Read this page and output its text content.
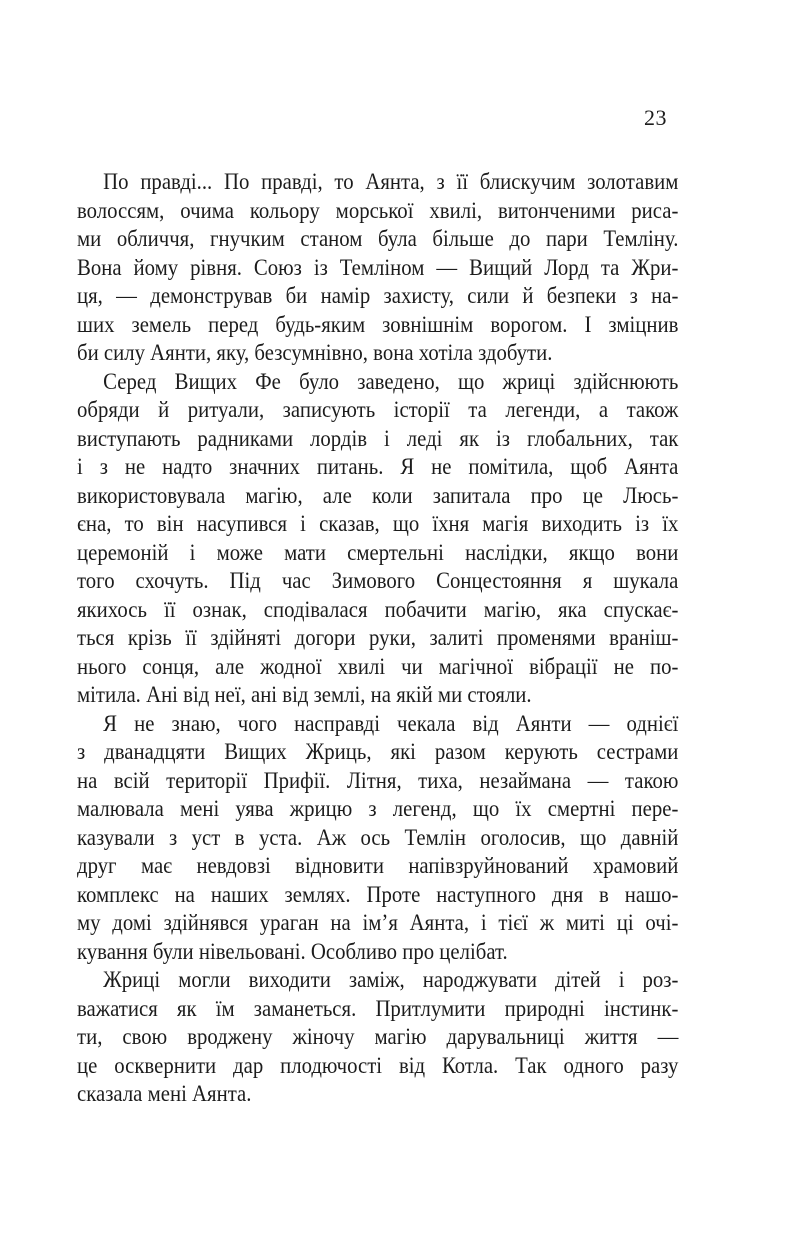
23
По правді... По правді, то Аянта, з її блискучим золотавим
волоссям, очима кольору морської хвилі, витонченими риса-
ми обличчя, гнучким станом була більше до пари Темліну.
Вона йому рівня. Союз із Темліном — Вищий Лорд та Жри-
ця, — демонстрував би намір захисту, сили й безпеки з на-
ших земель перед будь-яким зовнішнім ворогом. І зміцнив
би силу Аянти, яку, безсумнівно, вона хотіла здобути.
Серед Вищих Фе було заведено, що жриці здійснюють
обряди й ритуали, записують історії та легенди, а також
виступають радниками лордів і леді як із глобальних, так
і з не надто значних питань. Я не помітила, щоб Аянта
використовувала магію, але коли запитала про це Люсь-
єна, то він насупився і сказав, що їхня магія виходить із їх
церемоній і може мати смертельні наслідки, якщо вони
того схочуть. Під час Зимового Сонцестояння я шукала
якихось її ознак, сподівалася побачити магію, яка спускає-
ться крізь її здійняті догори руки, залиті променями враніш-
нього сонця, але жодної хвилі чи магічної вібрації не по-
мітила. Ані від неї, ані від землі, на якій ми стояли.
Я не знаю, чого насправді чекала від Аянти — однієї
з дванадцяти Вищих Жриць, які разом керують сестрами
на всій території Прифії. Літня, тиха, незаймана — такою
малювала мені уява жрицю з легенд, що їх смертні пере-
казували з уст в уста. Аж ось Темлін оголосив, що давній
друг має невдовзі відновити напівзруйнований храмовий
комплекс на наших землях. Проте наступного дня в нашо-
му домі здійнявся ураган на ім’я Аянта, і тієї ж миті ці очі-
кування були нівельовані. Особливо про целібат.
Жриці могли виходити заміж, народжувати дітей і роз-
важатися як їм заманеться. Притлумити природні інстинк-
ти, свою вроджену жіночу магію дарувальниці життя —
це осквернити дар плодючості від Котла. Так одного разу
сказала мені Аянта.
